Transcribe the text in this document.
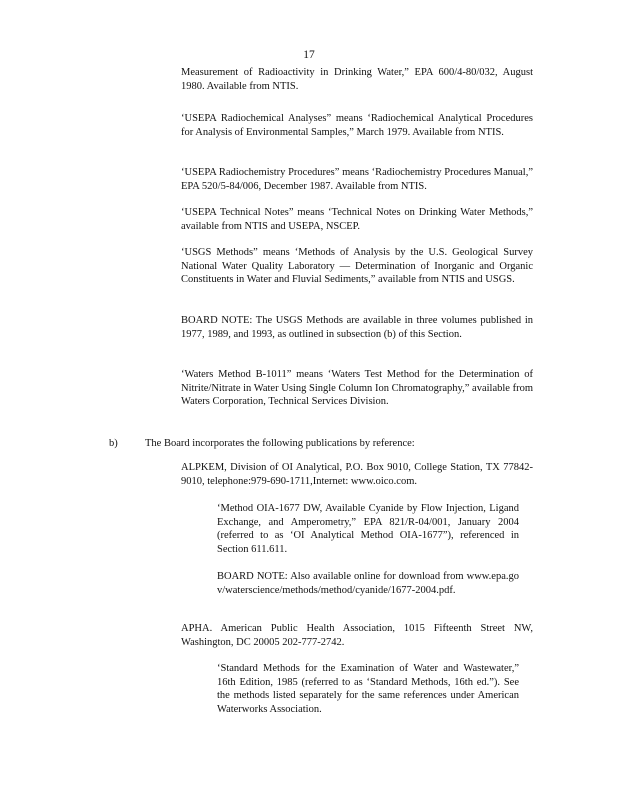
17

Measurement of Radioactivity in Drinking Water,” EPA 600/4-80/032, August 1980. Available from NTIS.

‘USEPA Radiochemical Analyses” means ‘Radiochemical Analytical Procedures for Analysis of Environmental Samples,” March 1979. Available from NTIS.

‘USEPA Radiochemistry Procedures” means ‘Radiochemistry Procedures Manual,” EPA 520/5-84/006, December 1987. Available from NTIS.

‘USEPA Technical Notes” means ‘Technical Notes on Drinking Water Methods,” available from NTIS and USEPA, NSCEP.

‘USGS Methods” means ‘Methods of Analysis by the U.S. Geological Survey National Water Quality Laboratory — Determination of Inorganic and Organic Constituents in Water and Fluvial Sediments,” available from NTIS and USGS.

BOARD NOTE: The USGS Methods are available in three volumes published in 1977, 1989, and 1993, as outlined in subsection (b) of this Section.

‘Waters Method B-1011” means ‘Waters Test Method for the Determination of Nitrite/Nitrate in Water Using Single Column Ion Chromatography,” available from Waters Corporation, Technical Services Division.

b)	The Board incorporates the following publications by reference:

ALPKEM, Division of OI Analytical, P.O. Box 9010, College Station, TX 77842-9010, telephone:979-690-1711,Internet: www.oico.com.

‘Method OIA-1677 DW, Available Cyanide by Flow Injection, Ligand Exchange, and Amperometry,” EPA 821/R-04/001, January 2004 (referred to as ‘OI Analytical Method OIA-1677”), referenced in Section 611.611.

BOARD NOTE: Also available online for download from www.epa.gov/waterscience/methods/method/cyanide/1677-2004.pdf.

APHA. American Public Health Association, 1015 Fifteenth Street NW, Washington, DC 20005 202-777-2742.

‘Standard Methods for the Examination of Water and Wastewater,” 16th Edition, 1985 (referred to as ‘Standard Methods, 16th ed.”). See the methods listed separately for the same references under American Waterworks Association.
